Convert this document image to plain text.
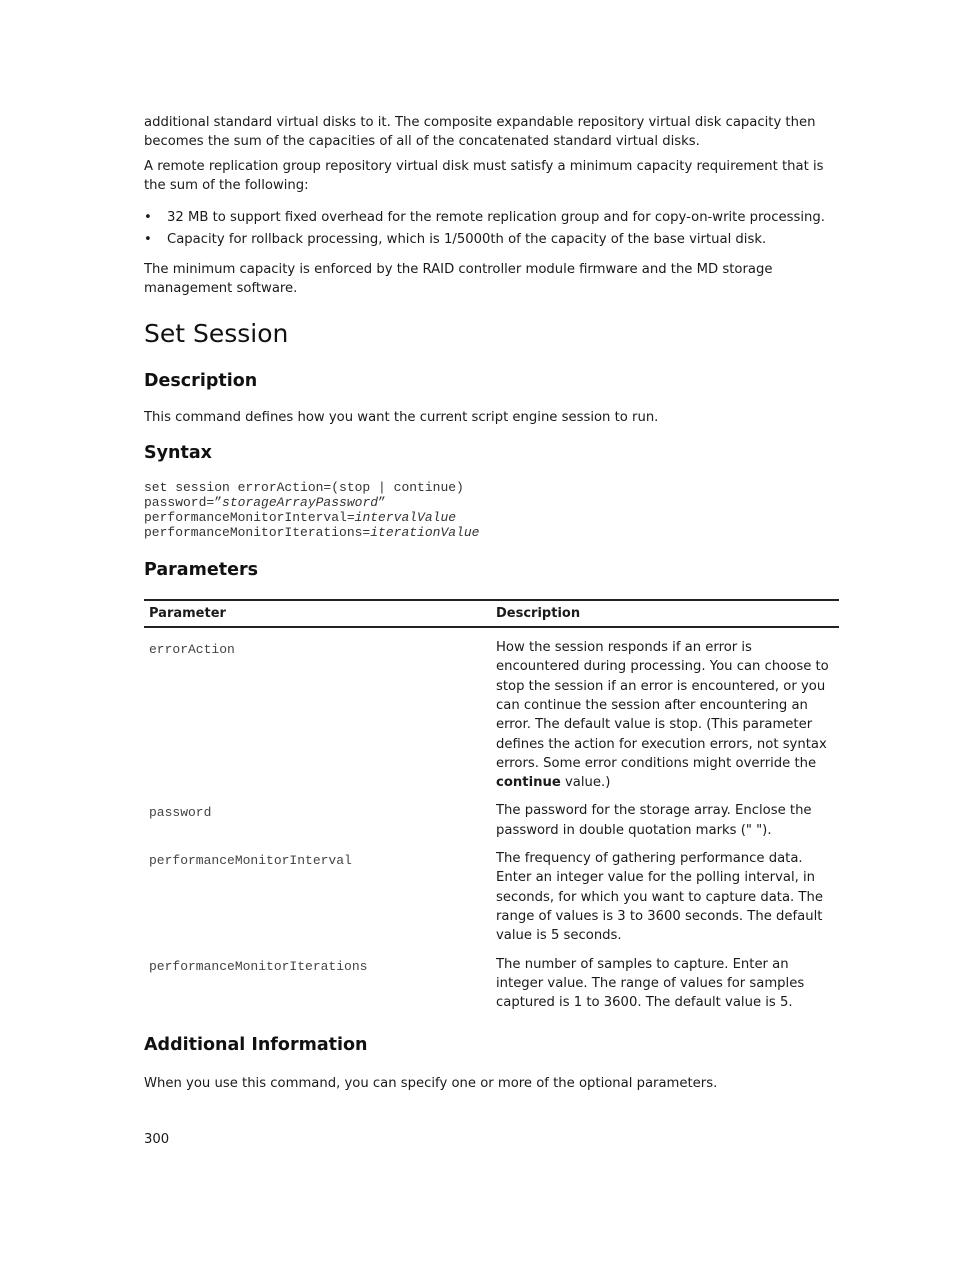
additional standard virtual disks to it. The composite expandable repository virtual disk capacity then becomes the sum of the capacities of all of the concatenated standard virtual disks.

A remote replication group repository virtual disk must satisfy a minimum capacity requirement that is the sum of the following:

• 32 MB to support fixed overhead for the remote replication group and for copy-on-write processing.
• Capacity for rollback processing, which is 1/5000th of the capacity of the base virtual disk.

The minimum capacity is enforced by the RAID controller module firmware and the MD storage management software.

Set Session
Description

This command defines how you want the current script engine session to run.

Syntax
set session errorAction=(stop | continue)
password=”storageArrayPassword”
performanceMonitorInterval=intervalValue
performanceMonitorIterations=iterationValue
Parameters
Parameter	Description
errorAction	How the session responds if an error is encountered during processing. You can choose to stop the session if an error is encountered, or you can continue the session after encountering an error. The default value is stop. (This parameter defines the action for execution errors, not syntax errors. Some error conditions might override the continue value.)
password	The password for the storage array. Enclose the password in double quotation marks (" ").
performanceMonitorInterval	The frequency of gathering performance data. Enter an integer value for the polling interval, in seconds, for which you want to capture data. The range of values is 3 to 3600 seconds. The default value is 5 seconds.
performanceMonitorIterations	The number of samples to capture. Enter an integer value. The range of values for samples captured is 1 to 3600. The default value is 5.
Additional Information

When you use this command, you can specify one or more of the optional parameters.

300
